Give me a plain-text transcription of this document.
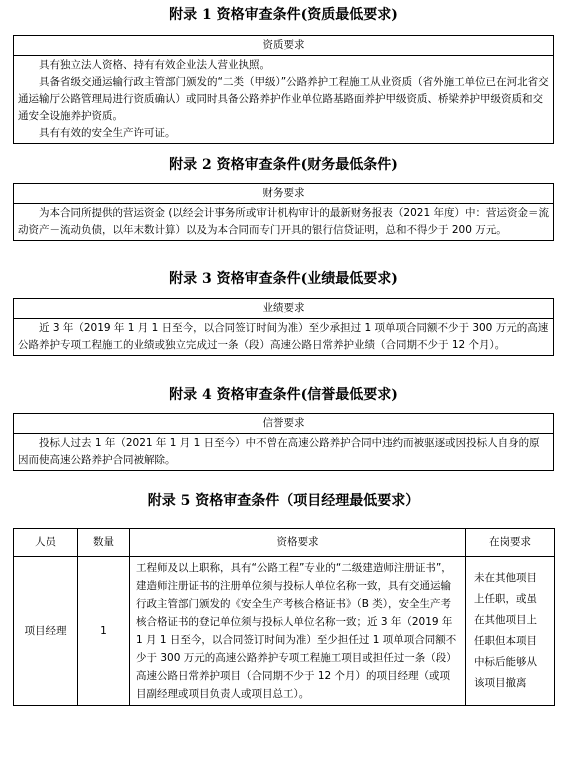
附录 1 资格审查条件(资质最低要求)
资质要求

具有独立法人资格、持有有效企业法人营业执照。

具备省级交通运输行政主管部门颁发的“二类（甲级）”公路养护工程施工从业资质（省外施工单位已在河北省交通运输厅公路管理局进行资质确认）或同时具备公路养护作业单位路基路面养护甲级资质、桥梁养护甲级资质和交通安全设施养护资质。

具有有效的安全生产许可证。

附录 2 资格审查条件(财务最低条件)
财务要求

为本合同所提供的营运资金 (以经会计事务所或审计机构审计的最新财务报表（2021 年度）中：营运资金＝流动资产－流动负债，以年末数计算）以及为本合同而专门开具的银行信贷证明，总和不得少于 200 万元。

附录 3 资格审查条件(业绩最低要求)
业绩要求

近 3 年（2019 年 1 月 1 日至今，以合同签订时间为准）至少承担过 1 项单项合同额不少于 300 万元的高速公路养护专项工程施工的业绩或独立完成过一条（段）高速公路日常养护业绩（合同期不少于 12 个月）。

附录 4 资格审查条件(信誉最低要求)
信誉要求

投标人过去 1 年（2021 年 1 月 1 日至今）中不曾在高速公路养护合同中违约而被驱逐或因投标人自身的原因而使高速公路养护合同被解除。

附录 5 资格审查条件（项目经理最低要求）
人员	数量	资格要求	在岗要求
项目经理	1	工程师及以上职称，具有“公路工程”专业的“二级建造师注册证书”，建造师注册证书的注册单位须与投标人单位名称一致，具有交通运输行政主管部门颁发的《安全生产考核合格证书》（B 类），安全生产考核合格证书的登记单位须与投标人单位名称一致；近 3 年（2019 年 1 月 1 日至今，以合同签订时间为准）至少担任过 1 项单项合同额不少于 300 万元的高速公路养护专项工程施工项目或担任过一条（段）高速公路日常养护项目（合同期不少于 12 个月）的项目经理（或项目副经理或项目负责人或项目总工）。	未在其他项目上任职，或虽在其他项目上任职但本项目中标后能够从该项目撤离
